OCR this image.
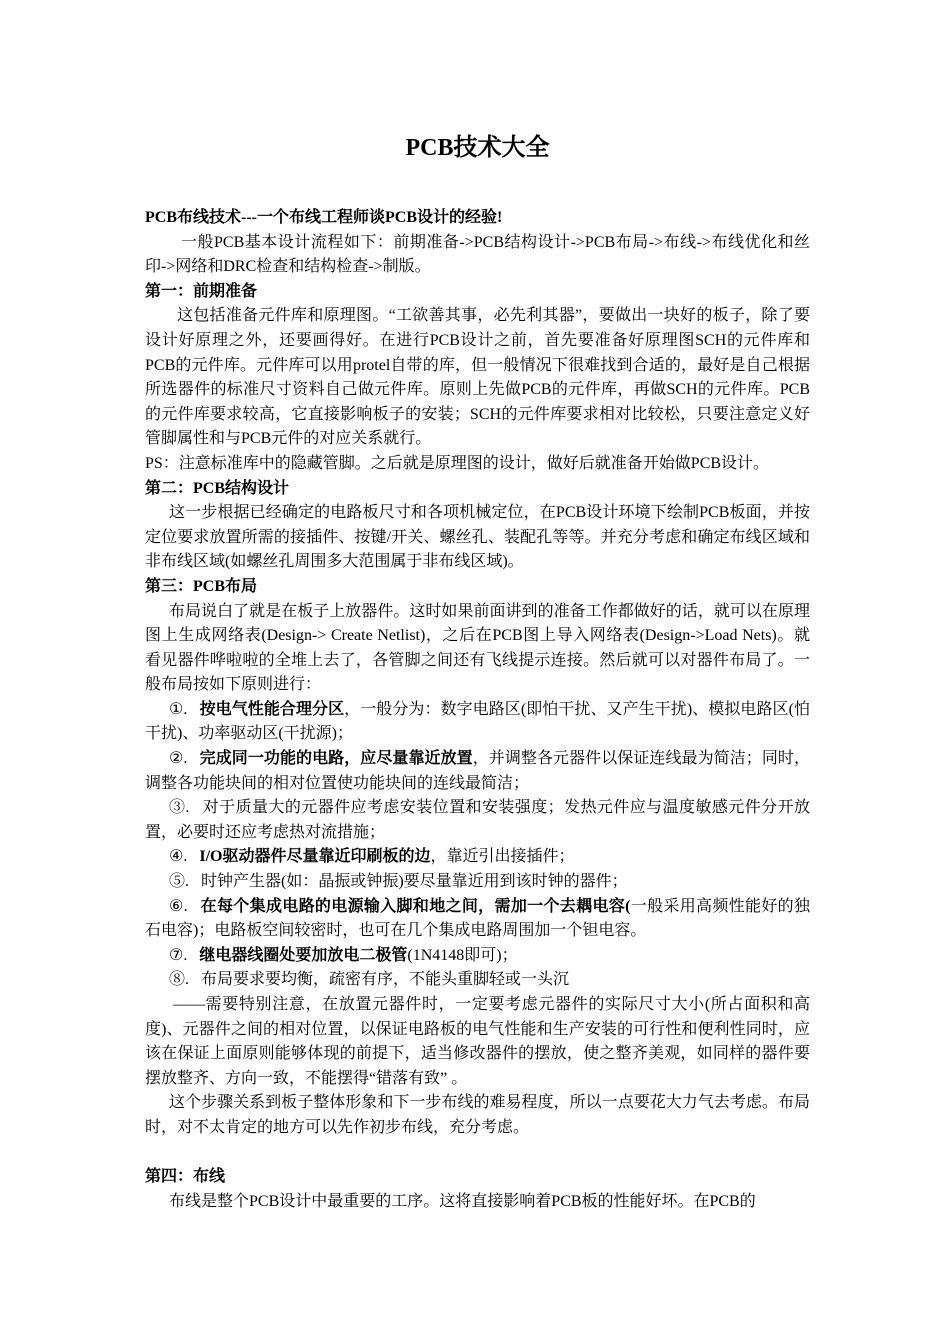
PCB技术大全

PCB布线技术---一个布线工程师谈PCB设计的经验!

一般PCB基本设计流程如下：前期准备->PCB结构设计->PCB布局->布线->布线优化和丝印->网络和DRC检查和结构检查->制版。

第一：前期准备

这包括准备元件库和原理图。“工欲善其事，必先利其器”，要做出一块好的板子，除了要设计好原理之外，还要画得好。在进行PCB设计之前，首先要准备好原理图SCH的元件库和PCB的元件库。元件库可以用protel自带的库，但一般情况下很难找到合适的，最好是自己根据所选器件的标准尺寸资料自己做元件库。原则上先做PCB的元件库，再做SCH的元件库。PCB的元件库要求较高，它直接影响板子的安装；SCH的元件库要求相对比较松，只要注意定义好管脚属性和与PCB元件的对应关系就行。

PS：注意标准库中的隐藏管脚。之后就是原理图的设计，做好后就准备开始做PCB设计。

第二：PCB结构设计

这一步根据已经确定的电路板尺寸和各项机械定位，在PCB设计环境下绘制PCB板面，并按定位要求放置所需的接插件、按键/开关、螺丝孔、装配孔等等。并充分考虑和确定布线区域和非布线区域(如螺丝孔周围多大范围属于非布线区域)。

第三：PCB布局

布局说白了就是在板子上放器件。这时如果前面讲到的准备工作都做好的话，就可以在原理图上生成网络表(Design-> Create Netlist)，之后在PCB图上导入网络表(Design->Load Nets)。就看见器件哗啦啦的全堆上去了，各管脚之间还有飞线提示连接。然后就可以对器件布局了。一般布局按如下原则进行：

①. 按电气性能合理分区，一般分为：数字电路区(即怕干扰、又产生干扰)、模拟电路区(怕干扰)、功率驱动区(干扰源)；

②. 完成同一功能的电路，应尽量靠近放置，并调整各元器件以保证连线最为简洁；同时，调整各功能块间的相对位置使功能块间的连线最简洁；

③. 对于质量大的元器件应考虑安装位置和安装强度；发热元件应与温度敏感元件分开放置，必要时还应考虑热对流措施；

④. I/O驱动器件尽量靠近印刷板的边，靠近引出接插件；

⑤. 时钟产生器(如：晶振或钟振)要尽量靠近用到该时钟的器件；

⑥. 在每个集成电路的电源输入脚和地之间，需加一个去耦电容(一般采用高频性能好的独石电容)；电路板空间较密时，也可在几个集成电路周围加一个钽电容。

⑦. 继电器线圈处要加放电二极管(1N4148即可)；

⑧. 布局要求要均衡，疏密有序，不能头重脚轻或一头沉

——需要特别注意，在放置元器件时，一定要考虑元器件的实际尺寸大小(所占面积和高度)、元器件之间的相对位置，以保证电路板的电气性能和生产安装的可行性和便利性同时，应该在保证上面原则能够体现的前提下，适当修改器件的摆放，使之整齐美观，如同样的器件要摆放整齐、方向一致，不能摆得“错落有致” 。

这个步骤关系到板子整体形象和下一步布线的难易程度，所以一点要花大力气去考虑。布局时，对不太肯定的地方可以先作初步布线，充分考虑。

第四：布线

布线是整个PCB设计中最重要的工序。这将直接影响着PCB板的性能好坏。在PCB的
